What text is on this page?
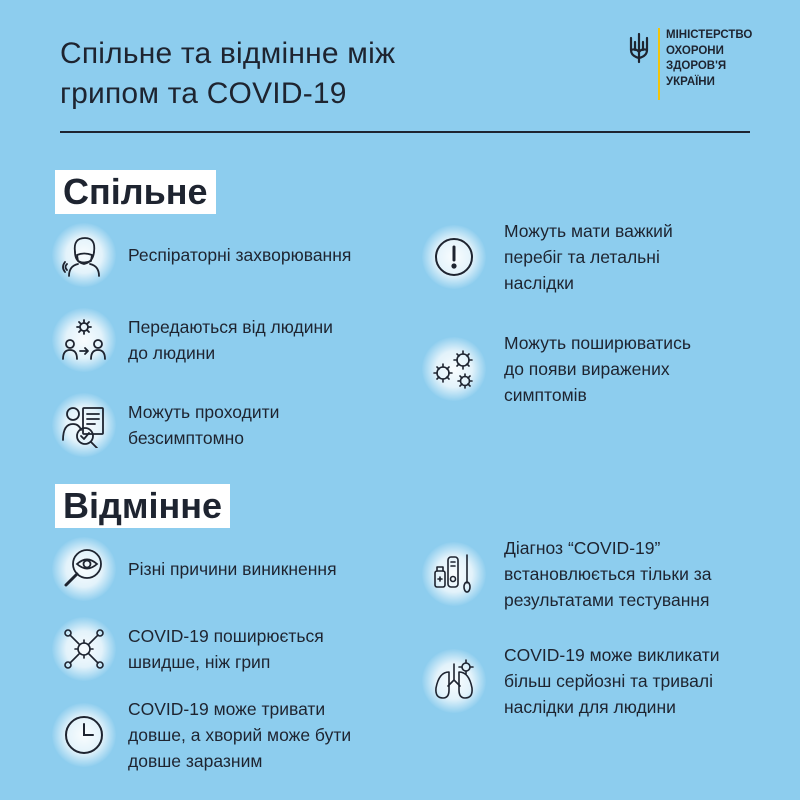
Спільне та відмінне між
грипом та COVID-19
МІНІСТЕРСТВО
ОХОРОНИ
ЗДОРОВ'Я
УКРАЇНИ
Спільне
Респіраторні захворювання
Передаються від людини
до людини
Можуть проходити
безсимптомно
Можуть мати важкий
перебіг та летальні
наслідки
Можуть поширюватись
до появи виражених
симптомів
Відмінне
Різні причини виникнення
COVID-19 поширюється
швидше, ніж грип
COVID-19 може тривати
довше, а хворий може бути
довше заразним
Діагноз “COVID-19”
встановлюється тільки за
результатами тестування
COVID-19 може викликати
більш серйозні та тривалі
наслідки для людини
